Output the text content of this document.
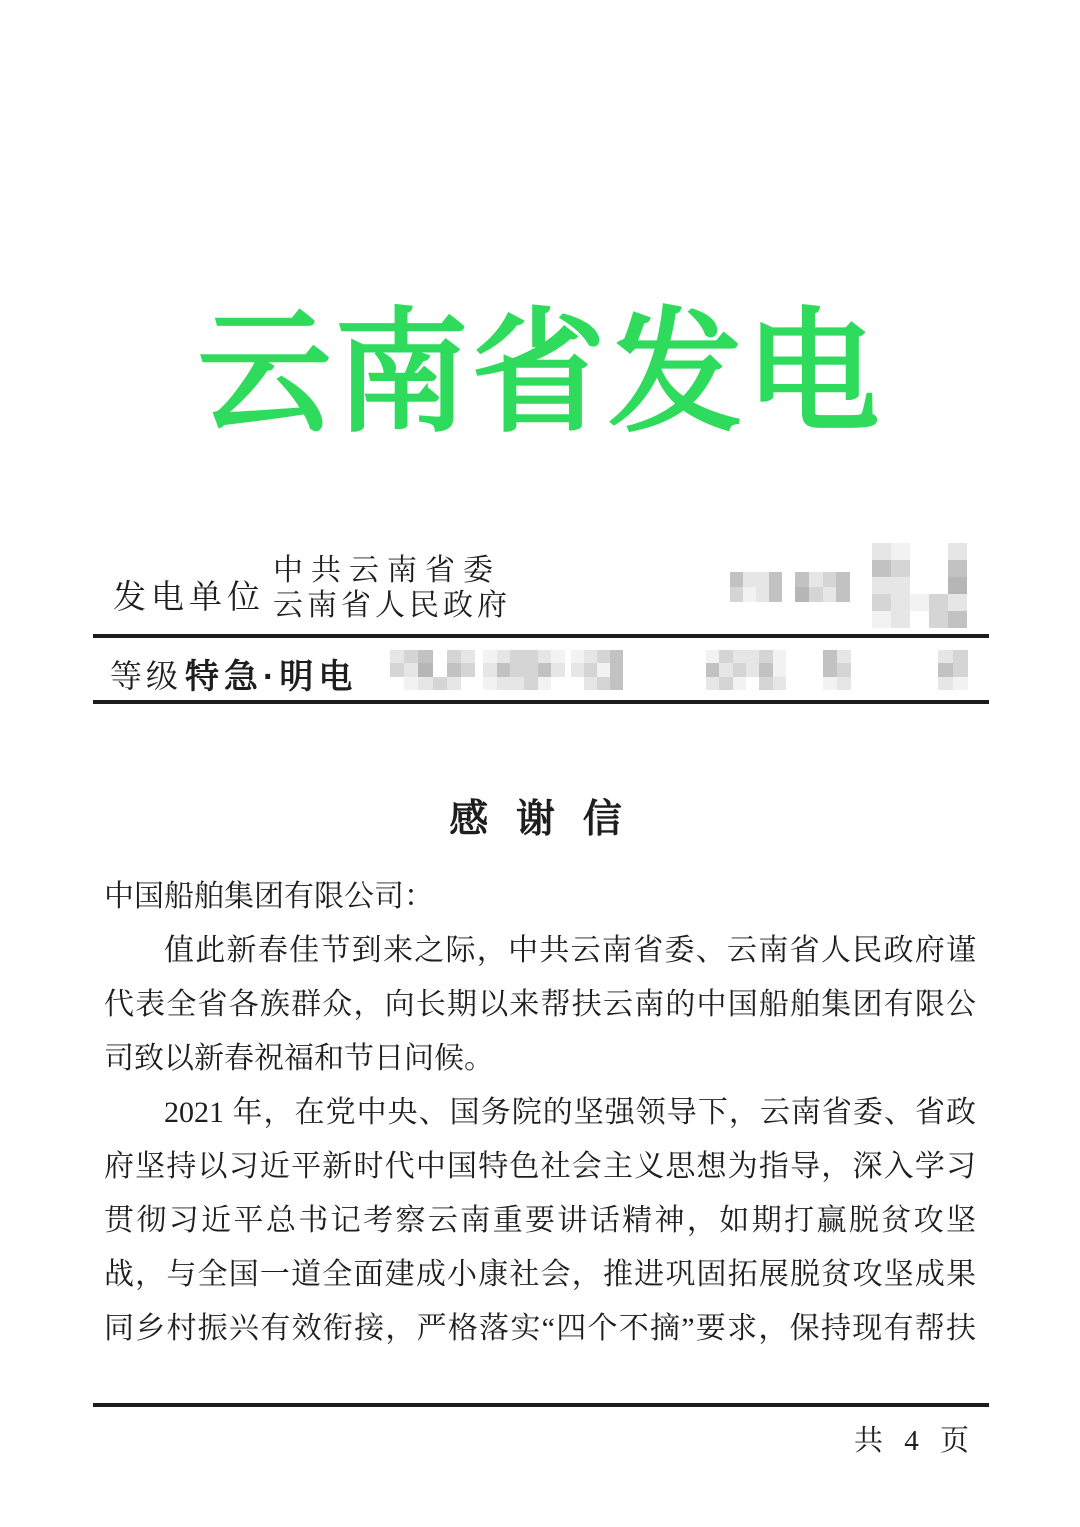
云南省发电
发电单位
中共云南省委
云南省人民政府
等级 特急·明电
感 谢 信
中国船舶集团有限公司：
值此新春佳节到来之际，中共云南省委、云南省人民政府谨
代表全省各族群众，向长期以来帮扶云南的中国船舶集团有限公
司致以新春祝福和节日问候。
2021 年，在党中央、国务院的坚强领导下，云南省委、省政
府坚持以习近平新时代中国特色社会主义思想为指导，深入学习
贯彻习近平总书记考察云南重要讲话精神，如期打赢脱贫攻坚
战，与全国一道全面建成小康社会，推进巩固拓展脱贫攻坚成果
同乡村振兴有效衔接，严格落实“四个不摘”要求，保持现有帮扶
共 4 页
